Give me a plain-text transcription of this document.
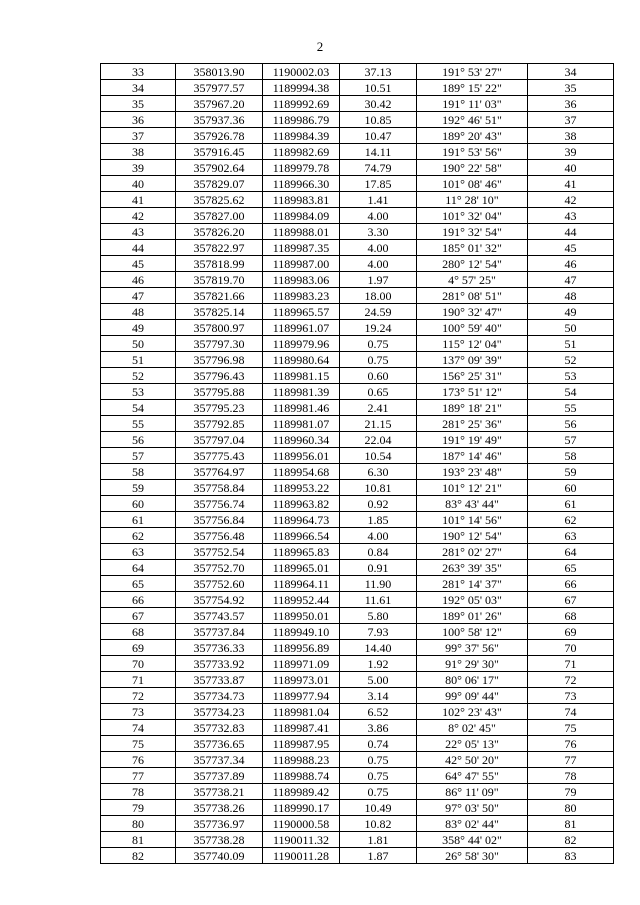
2
33	358013.90	1190002.03	37.13	191° 53' 27"	34
34	357977.57	1189994.38	10.51	189° 15' 22"	35
35	357967.20	1189992.69	30.42	191° 11' 03"	36
36	357937.36	1189986.79	10.85	192° 46' 51"	37
37	357926.78	1189984.39	10.47	189° 20' 43"	38
38	357916.45	1189982.69	14.11	191° 53' 56"	39
39	357902.64	1189979.78	74.79	190° 22' 58"	40
40	357829.07	1189966.30	17.85	101° 08' 46"	41
41	357825.62	1189983.81	1.41	11° 28' 10"	42
42	357827.00	1189984.09	4.00	101° 32' 04"	43
43	357826.20	1189988.01	3.30	191° 32' 54"	44
44	357822.97	1189987.35	4.00	185° 01' 32"	45
45	357818.99	1189987.00	4.00	280° 12' 54"	46
46	357819.70	1189983.06	1.97	4° 57' 25"	47
47	357821.66	1189983.23	18.00	281° 08' 51"	48
48	357825.14	1189965.57	24.59	190° 32' 47"	49
49	357800.97	1189961.07	19.24	100° 59' 40"	50
50	357797.30	1189979.96	0.75	115° 12' 04"	51
51	357796.98	1189980.64	0.75	137° 09' 39"	52
52	357796.43	1189981.15	0.60	156° 25' 31"	53
53	357795.88	1189981.39	0.65	173° 51' 12"	54
54	357795.23	1189981.46	2.41	189° 18' 21"	55
55	357792.85	1189981.07	21.15	281° 25' 36"	56
56	357797.04	1189960.34	22.04	191° 19' 49"	57
57	357775.43	1189956.01	10.54	187° 14' 46"	58
58	357764.97	1189954.68	6.30	193° 23' 48"	59
59	357758.84	1189953.22	10.81	101° 12' 21"	60
60	357756.74	1189963.82	0.92	83° 43' 44"	61
61	357756.84	1189964.73	1.85	101° 14' 56"	62
62	357756.48	1189966.54	4.00	190° 12' 54"	63
63	357752.54	1189965.83	0.84	281° 02' 27"	64
64	357752.70	1189965.01	0.91	263° 39' 35"	65
65	357752.60	1189964.11	11.90	281° 14' 37"	66
66	357754.92	1189952.44	11.61	192° 05' 03"	67
67	357743.57	1189950.01	5.80	189° 01' 26"	68
68	357737.84	1189949.10	7.93	100° 58' 12"	69
69	357736.33	1189956.89	14.40	99° 37' 56"	70
70	357733.92	1189971.09	1.92	91° 29' 30"	71
71	357733.87	1189973.01	5.00	80° 06' 17"	72
72	357734.73	1189977.94	3.14	99° 09' 44"	73
73	357734.23	1189981.04	6.52	102° 23' 43"	74
74	357732.83	1189987.41	3.86	8° 02' 45"	75
75	357736.65	1189987.95	0.74	22° 05' 13"	76
76	357737.34	1189988.23	0.75	42° 50' 20"	77
77	357737.89	1189988.74	0.75	64° 47' 55"	78
78	357738.21	1189989.42	0.75	86° 11' 09"	79
79	357738.26	1189990.17	10.49	97° 03' 50"	80
80	357736.97	1190000.58	10.82	83° 02' 44"	81
81	357738.28	1190011.32	1.81	358° 44' 02"	82
82	357740.09	1190011.28	1.87	26° 58' 30"	83
